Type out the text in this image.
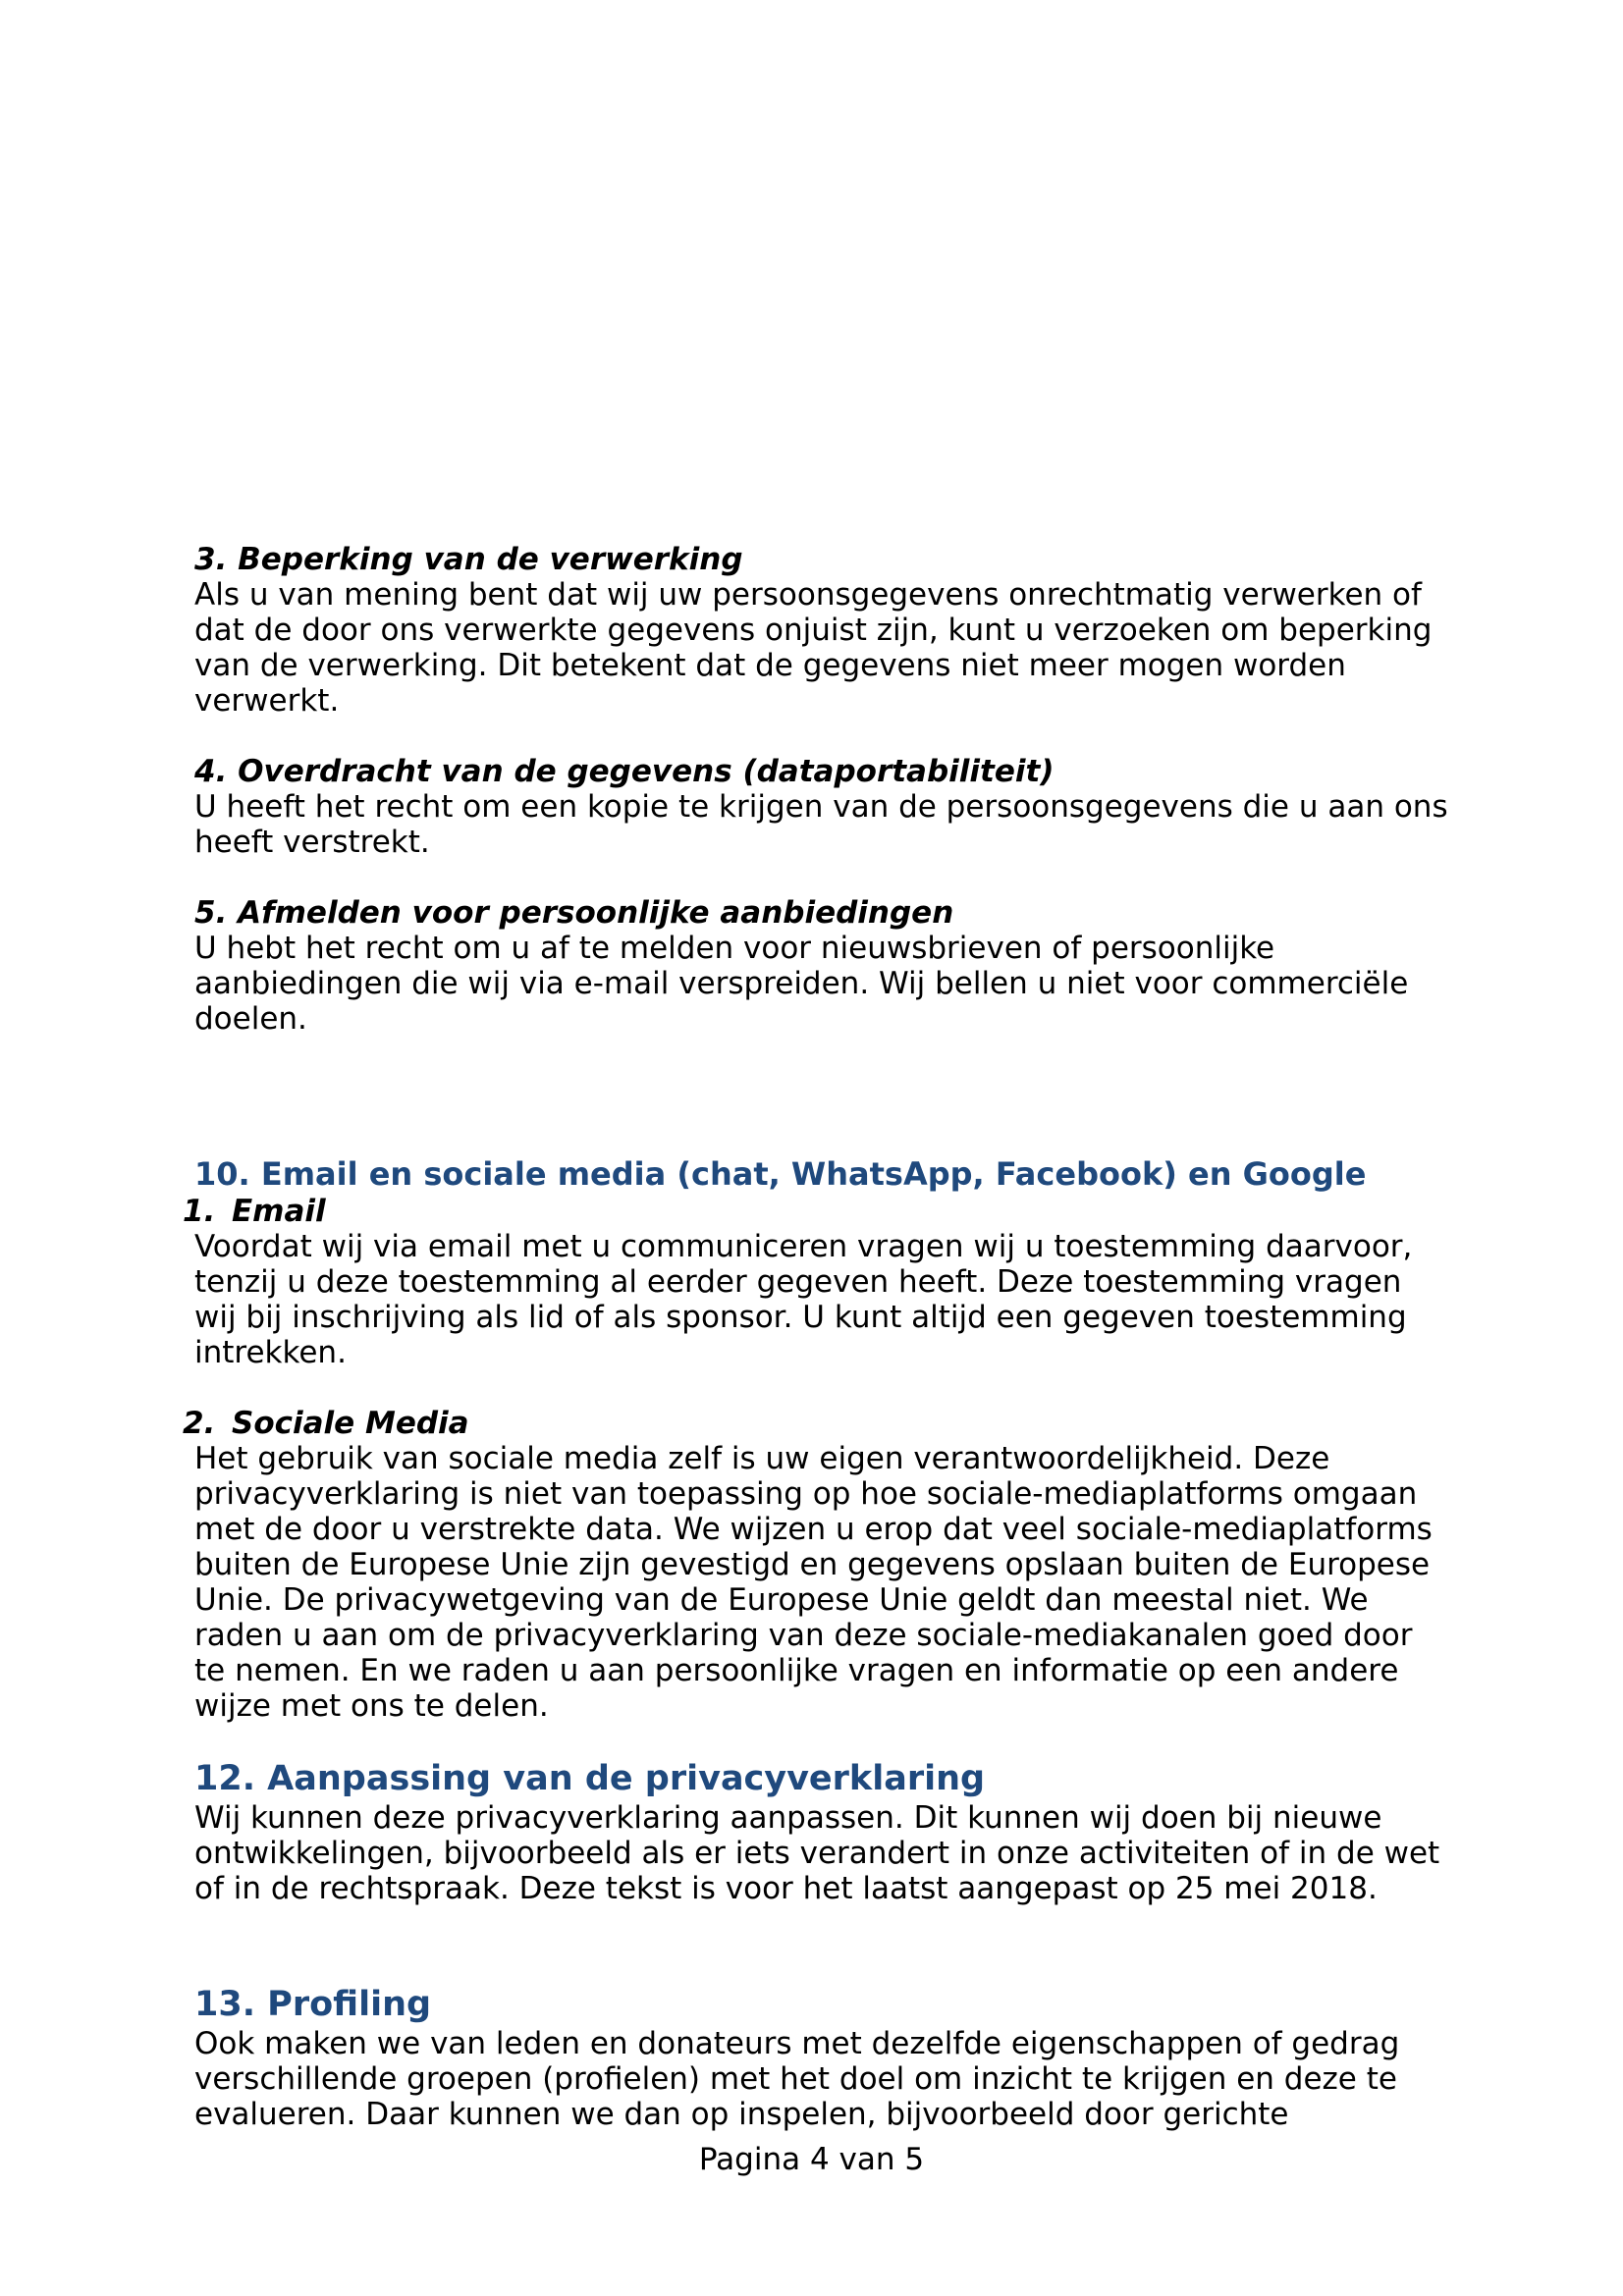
3. Beperking van de verwerking

Als u van mening bent dat wij uw persoonsgegevens onrechtmatig verwerken of
dat de door ons verwerkte gegevens onjuist zijn, kunt u verzoeken om beperking
van de verwerking. Dit betekent dat de gegevens niet meer mogen worden
verwerkt.

4. Overdracht van de gegevens (dataportabiliteit)

U heeft het recht om een kopie te krijgen van de persoonsgegevens die u aan ons
heeft verstrekt.

5. Afmelden voor persoonlijke aanbiedingen

U hebt het recht om u af te melden voor nieuwsbrieven of persoonlijke
aanbiedingen die wij via e-mail verspreiden. Wij bellen u niet voor commerciële
doelen.

10. Email en sociale media (chat, WhatsApp, Facebook) en Google

1. Email

Voordat wij via email met u communiceren vragen wij u toestemming daarvoor,
tenzij u deze toestemming al eerder gegeven heeft. Deze toestemming vragen
wij bij inschrijving als lid of als sponsor. U kunt altijd een gegeven toestemming
intrekken.

2. Sociale Media

Het gebruik van sociale media zelf is uw eigen verantwoordelijkheid. Deze
privacyverklaring is niet van toepassing op hoe sociale-mediaplatforms omgaan
met de door u verstrekte data. We wijzen u erop dat veel sociale-mediaplatforms
buiten de Europese Unie zijn gevestigd en gegevens opslaan buiten de Europese
Unie. De privacywetgeving van de Europese Unie geldt dan meestal niet. We
raden u aan om de privacyverklaring van deze sociale-mediakanalen goed door
te nemen. En we raden u aan persoonlijke vragen en informatie op een andere
wijze met ons te delen.

12. Aanpassing van de privacyverklaring

Wij kunnen deze privacyverklaring aanpassen. Dit kunnen wij doen bij nieuwe
ontwikkelingen, bijvoorbeeld als er iets verandert in onze activiteiten of in de wet
of in de rechtspraak. Deze tekst is voor het laatst aangepast op 25 mei 2018.

13. Profiling

Ook maken we van leden en donateurs met dezelfde eigenschappen of gedrag
verschillende groepen (profielen) met het doel om inzicht te krijgen en deze te
evalueren. Daar kunnen we dan op inspelen, bijvoorbeeld door gerichte

Pagina 4 van 5
